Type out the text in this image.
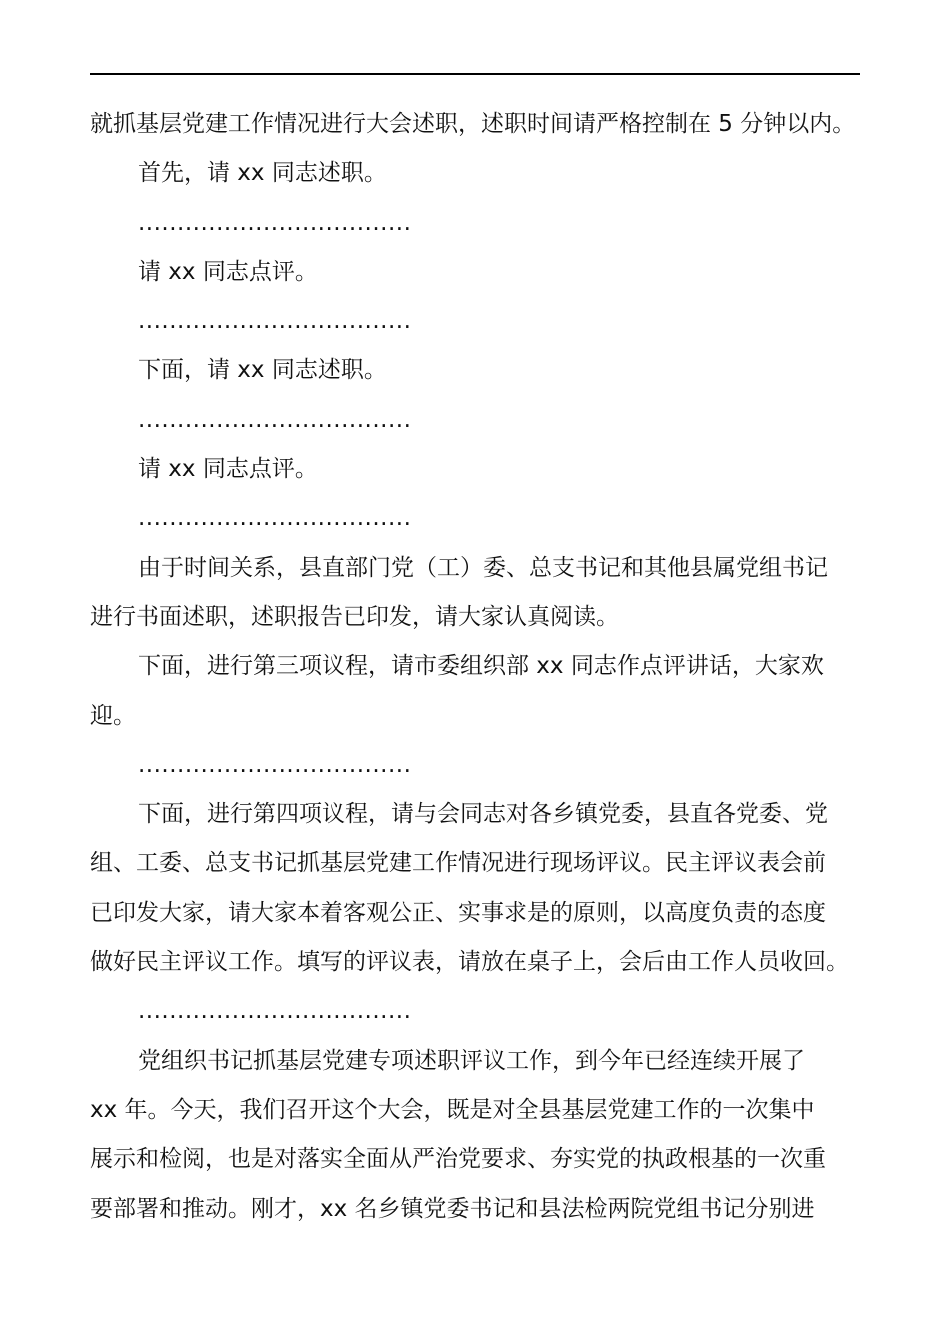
就抓基层党建工作情况进行大会述职，述职时间请严格控制在 5 分钟以内。

首先，请 xx 同志述职。

...................................

请 xx 同志点评。

...................................

下面，请 xx 同志述职。

...................................

请 xx 同志点评。

...................................

由于时间关系，县直部门党（工）委、总支书记和其他县属党组书记

进行书面述职，述职报告已印发，请大家认真阅读。

下面，进行第三项议程，请市委组织部 xx 同志作点评讲话，大家欢

迎。

...................................

下面，进行第四项议程，请与会同志对各乡镇党委，县直各党委、党

组、工委、总支书记抓基层党建工作情况进行现场评议。民主评议表会前

已印发大家，请大家本着客观公正、实事求是的原则，以高度负责的态度

做好民主评议工作。填写的评议表，请放在桌子上，会后由工作人员收回。

...................................

党组织书记抓基层党建专项述职评议工作，到今年已经连续开展了

xx 年。今天，我们召开这个大会，既是对全县基层党建工作的一次集中

展示和检阅，也是对落实全面从严治党要求、夯实党的执政根基的一次重

要部署和推动。刚才，xx 名乡镇党委书记和县法检两院党组书记分别进
